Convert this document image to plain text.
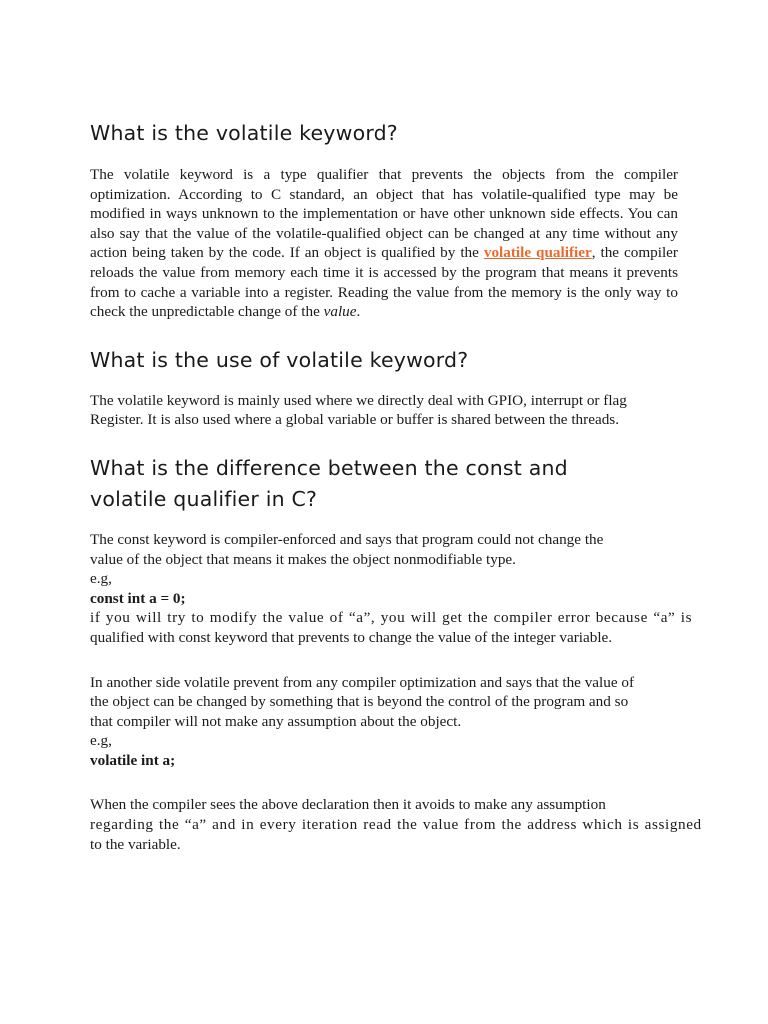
What is the volatile keyword?

The volatile keyword is a type qualifier that prevents the objects from the compiler optimization. According to C standard, an object that has volatile-qualified type may be modified in ways unknown to the implementation or have other unknown side effects. You can also say that the value of the volatile-qualified object can be changed at any time without any action being taken by the code. If an object is qualified by the volatile qualifier, the compiler reloads the value from memory each time it is accessed by the program that means it prevents from to cache a variable into a register. Reading the value from the memory is the only way to check the unpredictable change of the value.

What is the use of volatile keyword?

The volatile keyword is mainly used where we directly deal with GPIO, interrupt or flag Register. It is also used where a global variable or buffer is shared between the threads.

What is the difference between the const and
volatile qualifier in C?
The const keyword is compiler-enforced and says that program could not change the
value of the object that means it makes the object nonmodifiable type.
e.g,
const int a = 0;
if you will try to modify the value of “a”, you will get the compiler error because “a” is
qualified with const keyword that prevents to change the value of the integer variable.
In another side volatile prevent from any compiler optimization and says that the value of
the object can be changed by something that is beyond the control of the program and so
that compiler will not make any assumption about the object.
e.g,
volatile int a;
When the compiler sees the above declaration then it avoids to make any assumption
regarding the “a” and in every iteration read the value from the address which is assigned
to the variable.
